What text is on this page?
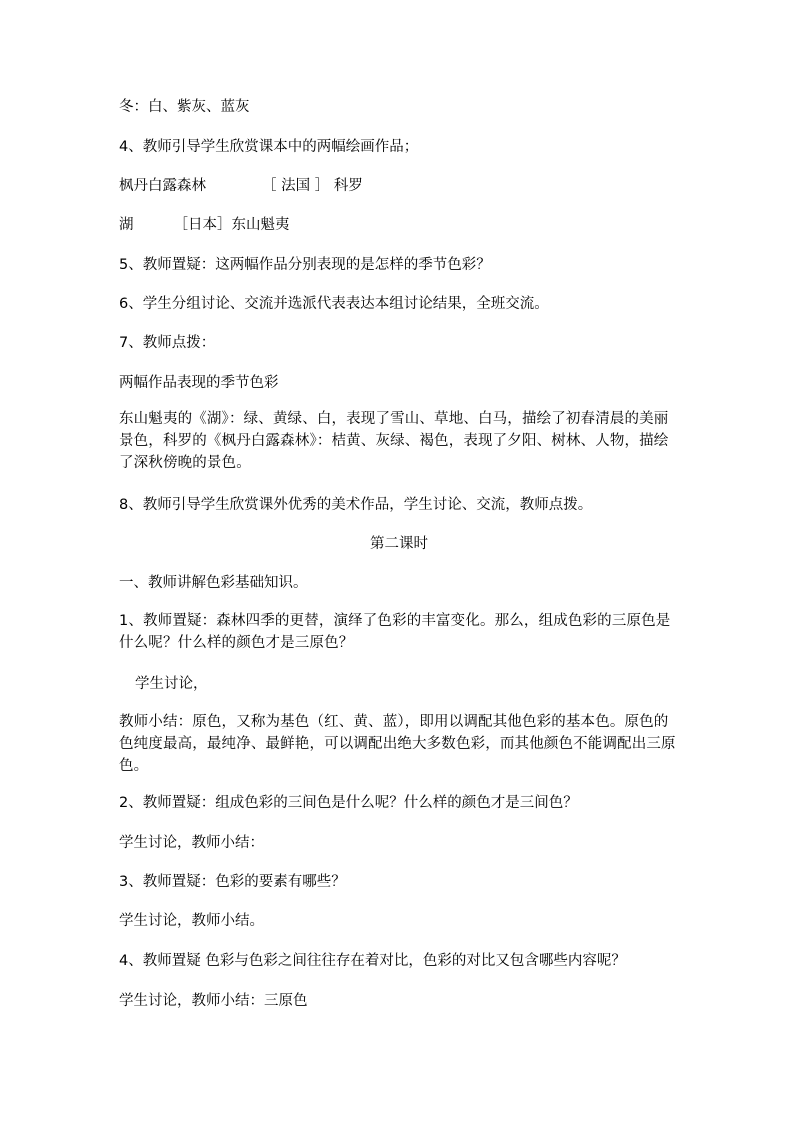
冬：白、紫灰、蓝灰
4、教师引导学生欣赏课本中的两幅绘画作品；
枫丹白露森林	［ 法国 ］ 科罗
湖	［日本］东山魁夷
5、教师置疑：这两幅作品分别表现的是怎样的季节色彩？
6、学生分组讨论、交流并选派代表表达本组讨论结果，全班交流。
7、教师点拨：
两幅作品表现的季节色彩
东山魁夷的《湖》：绿、黄绿、白，表现了雪山、草地、白马，描绘了初春清晨的美丽景色，科罗的《枫丹白露森林》：桔黄、灰绿、褐色，表现了夕阳、树林、人物，描绘了深秋傍晚的景色。
8、教师引导学生欣赏课外优秀的美术作品，学生讨论、交流，教师点拨。
第二课时
一、教师讲解色彩基础知识。
1、教师置疑：森林四季的更替，演绎了色彩的丰富变化。那么，组成色彩的三原色是什么呢？什么样的颜色才是三原色？
学生讨论，
教师小结：原色，又称为基色（红、黄、蓝），即用以调配其他色彩的基本色。原色的色纯度最高，最纯净、最鲜艳，可以调配出绝大多数色彩，而其他颜色不能调配出三原色。
2、教师置疑：组成色彩的三间色是什么呢？什么样的颜色才是三间色？
学生讨论，教师小结：
3、教师置疑：色彩的要素有哪些？
学生讨论，教师小结。
4、教师置疑 色彩与色彩之间往往存在着对比，色彩的对比又包含哪些内容呢？
学生讨论，教师小结：三原色
